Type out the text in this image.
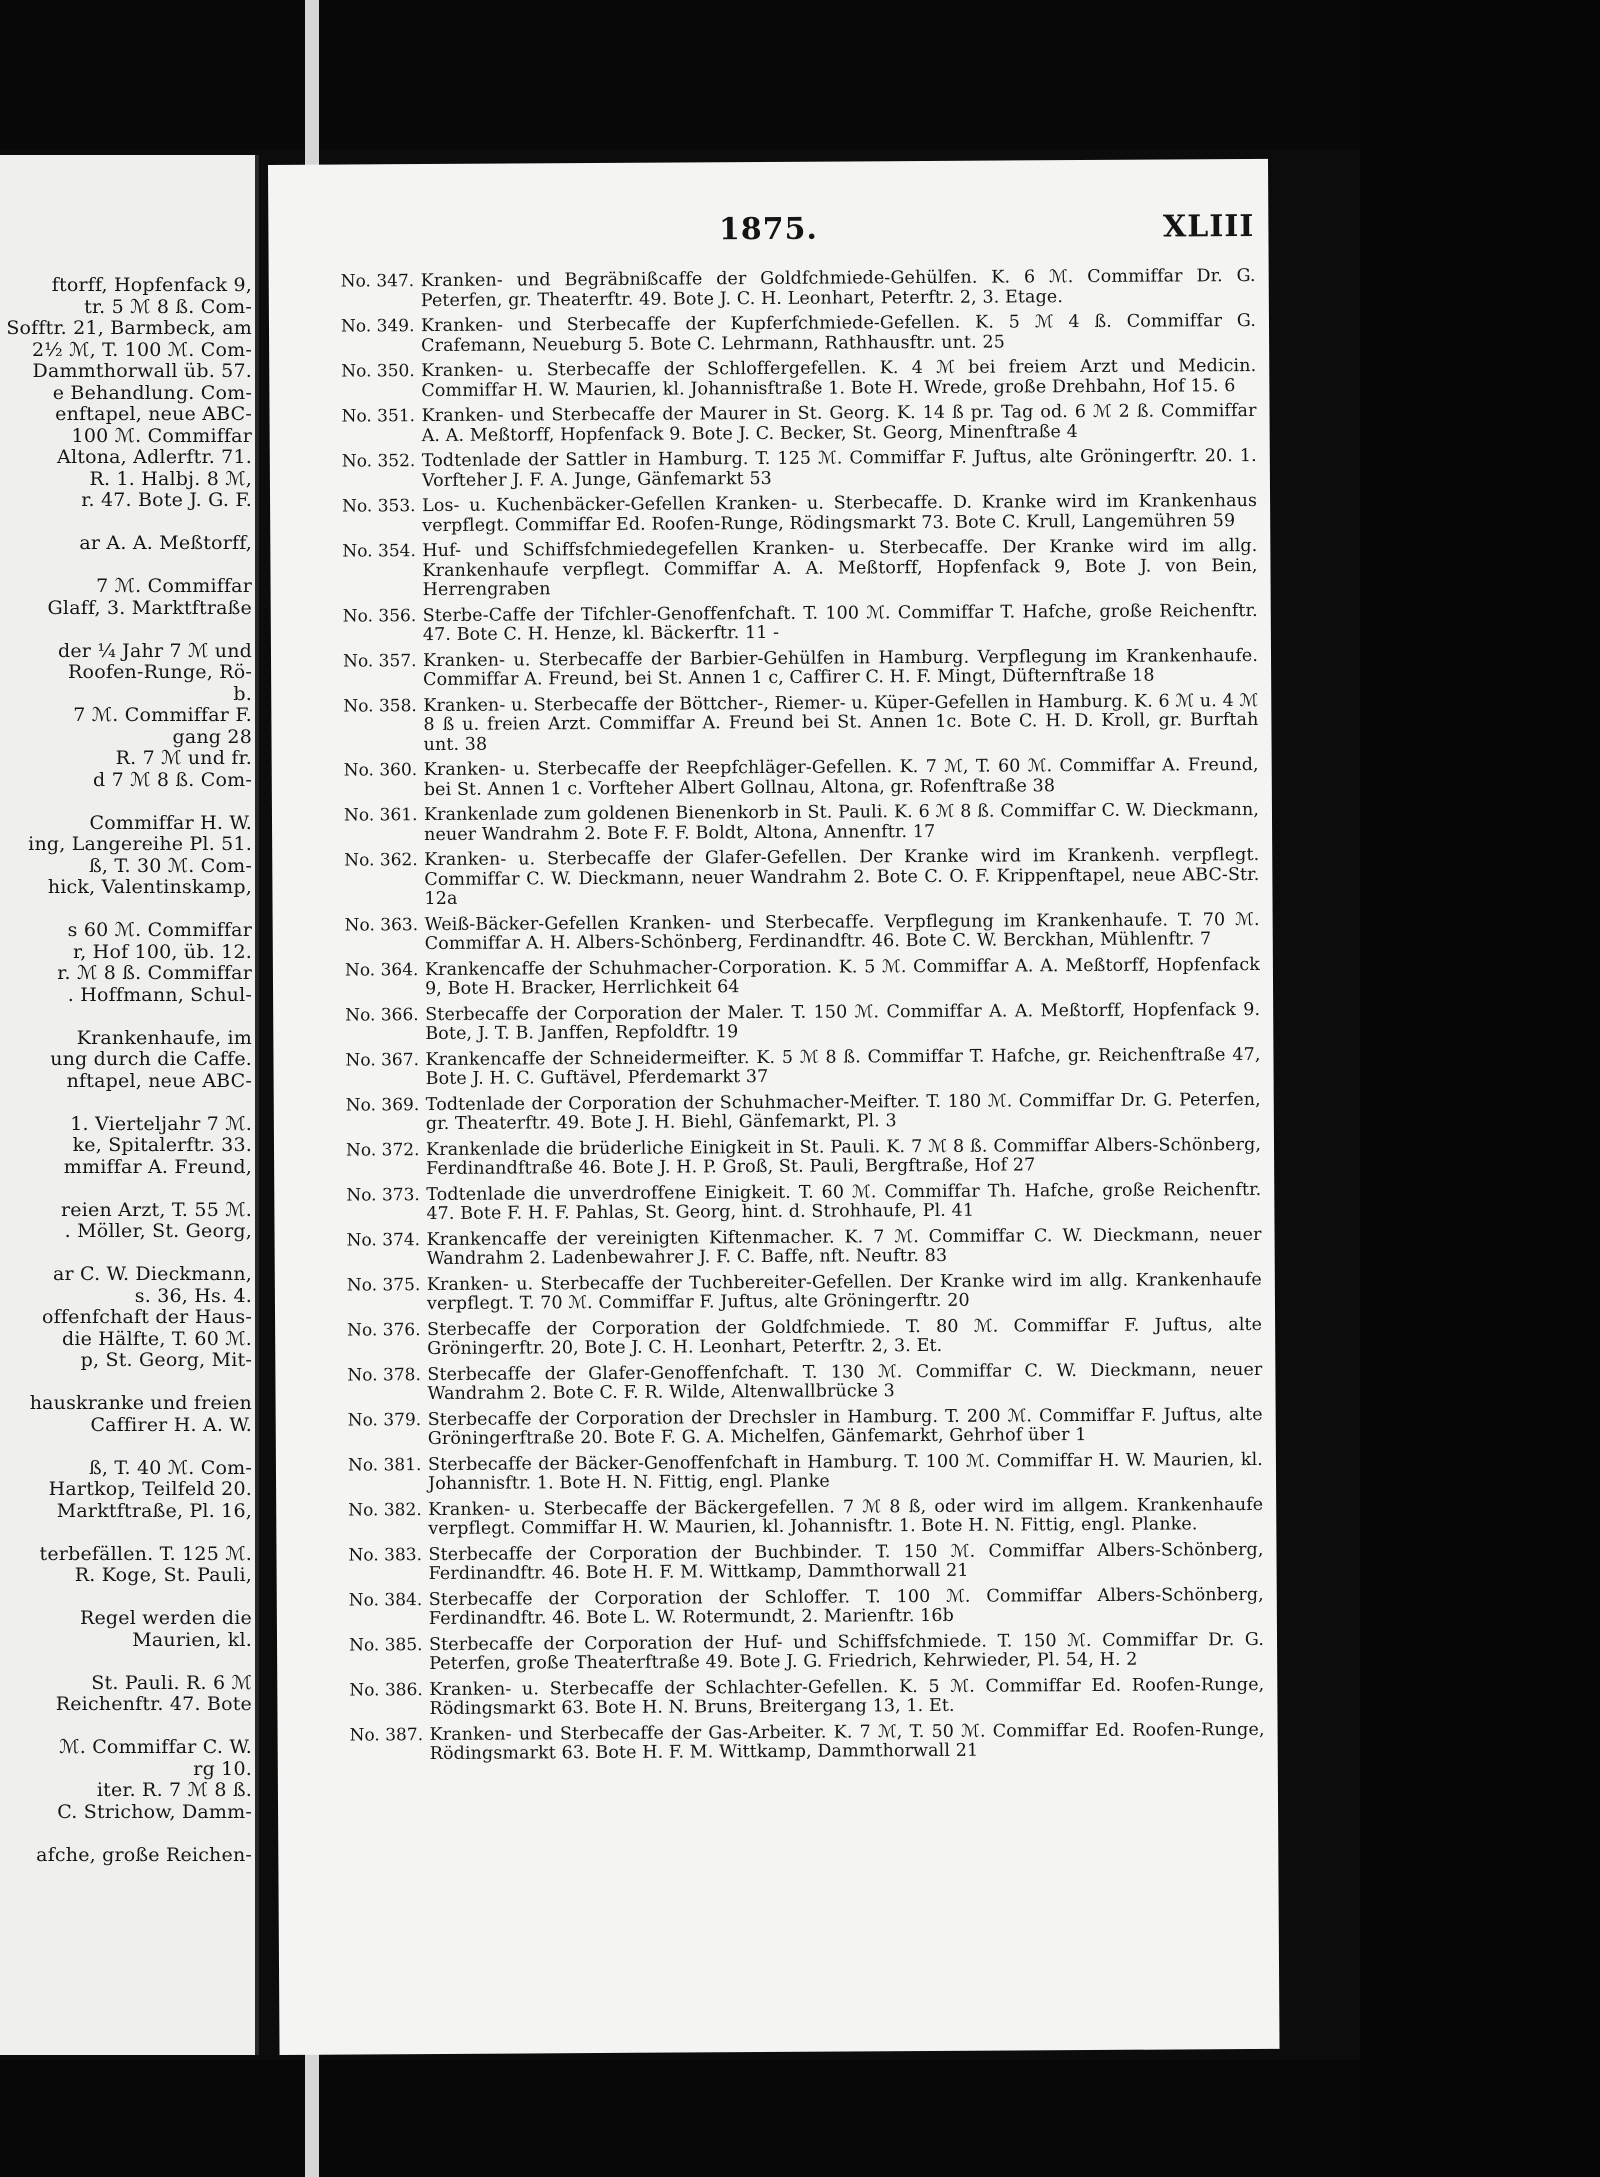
ftorff, Hopfenfack 9,
tr. 5 ℳ 8 ß. Com-
Sofftr. 21, Barmbeck, am
2½ ℳ, T. 100 ℳ. Com-
Dammthorwall üb. 57.
e Behandlung. Com-
enftapel, neue ABC-
100 ℳ. Commiffar
Altona, Adlerftr. 71.
R. 1. Halbj. 8 ℳ,
r. 47. Bote J. G. F.
ar A. A. Meßtorff,
7 ℳ. Commiffar
Glaff, 3. Marktftraße
der ¼ Jahr 7 ℳ und
Roofen-Runge, Rö-
b.
7 ℳ. Commiffar F.
gang 28
R. 7 ℳ und fr.
d 7 ℳ 8 ß. Com-
Commiffar H. W.
ing, Langereihe Pl. 51.
ß, T. 30 ℳ. Com-
hick, Valentinskamp,
s 60 ℳ. Commiffar
r, Hof 100, üb. 12.
r. ℳ 8 ß. Commiffar
. Hoffmann, Schul-
Krankenhaufe, im
ung durch die Caffe.
nftapel, neue ABC-
1. Vierteljahr 7 ℳ.
ke, Spitalerftr. 33.
mmiffar A. Freund,
reien Arzt, T. 55 ℳ.
. Möller, St. Georg,
ar C. W. Dieckmann,
s. 36, Hs. 4.
offenfchaft der Haus-
die Hälfte, T. 60 ℳ.
p, St. Georg, Mit-
hauskranke und freien
Caffirer H. A. W.
ß, T. 40 ℳ. Com-
Hartkop, Teilfeld 20.
Marktftraße, Pl. 16,
terbefällen. T. 125 ℳ.
R. Koge, St. Pauli,
Regel werden die
Maurien, kl.
St. Pauli. R. 6 ℳ
Reichenftr. 47. Bote
ℳ. Commiffar C. W.
rg 10.
iter. R. 7 ℳ 8 ß.
C. Strichow, Damm-
afche, große Reichen-
1875.	XLIII
No. 347. Kranken- und Begräbnißcaffe der Goldfchmiede-Gehülfen. K. 6 ℳ. Commiffar Dr. G. Peterfen, gr. Theaterftr. 49. Bote J. C. H. Leonhart, Peterftr. 2, 3. Etage.
No. 349. Kranken- und Sterbecaffe der Kupferfchmiede-Gefellen. K. 5 ℳ 4 ß. Commiffar G. Crafemann, Neueburg 5. Bote C. Lehrmann, Rathhausftr. unt. 25
No. 350. Kranken- u. Sterbecaffe der Schloffergefellen. K. 4 ℳ bei freiem Arzt und Medicin. Commiffar H. W. Maurien, kl. Johannisftraße 1. Bote H. Wrede, große Drehbahn, Hof 15. 6
No. 351. Kranken- und Sterbecaffe der Maurer in St. Georg. K. 14 ß pr. Tag od. 6 ℳ 2 ß. Commiffar A. A. Meßtorff, Hopfenfack 9. Bote J. C. Becker, St. Georg, Minenftraße 4
No. 352. Todtenlade der Sattler in Hamburg. T. 125 ℳ. Commiffar F. Juftus, alte Gröningerftr. 20. 1. Vorfteher J. F. A. Junge, Gänfemarkt 53
No. 353. Los- u. Kuchenbäcker-Gefellen Kranken- u. Sterbecaffe. D. Kranke wird im Krankenhaus verpflegt. Commiffar Ed. Roofen-Runge, Rödingsmarkt 73. Bote C. Krull, Langemühren 59
No. 354. Huf- und Schiffsfchmiedegefellen Kranken- u. Sterbecaffe. Der Kranke wird im allg. Krankenhaufe verpflegt. Commiffar A. A. Meßtorff, Hopfenfack 9, Bote J. von Bein, Herrengraben
No. 356. Sterbe-Caffe der Tifchler-Genoffenfchaft. T. 100 ℳ. Commiffar T. Hafche, große Reichenftr. 47. Bote C. H. Henze, kl. Bäckerftr. 11 -
No. 357. Kranken- u. Sterbecaffe der Barbier-Gehülfen in Hamburg. Verpflegung im Krankenhaufe. Commiffar A. Freund, bei St. Annen 1 c, Caffirer C. H. F. Mingt, Düfternftraße 18
No. 358. Kranken- u. Sterbecaffe der Böttcher-, Riemer- u. Küper-Gefellen in Hamburg. K. 6 ℳ u. 4 ℳ 8 ß u. freien Arzt. Commiffar A. Freund bei St. Annen 1c. Bote C. H. D. Kroll, gr. Burftah unt. 38
No. 360. Kranken- u. Sterbecaffe der Reepfchläger-Gefellen. K. 7 ℳ, T. 60 ℳ. Commiffar A. Freund, bei St. Annen 1 c. Vorfteher Albert Gollnau, Altona, gr. Rofenftraße 38
No. 361. Krankenlade zum goldenen Bienenkorb in St. Pauli. K. 6 ℳ 8 ß. Commiffar C. W. Dieckmann, neuer Wandrahm 2. Bote F. F. Boldt, Altona, Annenftr. 17
No. 362. Kranken- u. Sterbecaffe der Glafer-Gefellen. Der Kranke wird im Krankenh. verpflegt. Commiffar C. W. Dieckmann, neuer Wandrahm 2. Bote C. O. F. Krippenftapel, neue ABC-Str. 12a
No. 363. Weiß-Bäcker-Gefellen Kranken- und Sterbecaffe. Verpflegung im Krankenhaufe. T. 70 ℳ. Commiffar A. H. Albers-Schönberg, Ferdinandftr. 46. Bote C. W. Berckhan, Mühlenftr. 7
No. 364. Krankencaffe der Schuhmacher-Corporation. K. 5 ℳ. Commiffar A. A. Meßtorff, Hopfenfack 9, Bote H. Bracker, Herrlichkeit 64
No. 366. Sterbecaffe der Corporation der Maler. T. 150 ℳ. Commiffar A. A. Meßtorff, Hopfenfack 9. Bote, J. T. B. Janffen, Repfoldftr. 19
No. 367. Krankencaffe der Schneidermeifter. K. 5 ℳ 8 ß. Commiffar T. Hafche, gr. Reichenftraße 47, Bote J. H. C. Guftävel, Pferdemarkt 37
No. 369. Todtenlade der Corporation der Schuhmacher-Meifter. T. 180 ℳ. Commiffar Dr. G. Peterfen, gr. Theaterftr. 49. Bote J. H. Biehl, Gänfemarkt, Pl. 3
No. 372. Krankenlade die brüderliche Einigkeit in St. Pauli. K. 7 ℳ 8 ß. Commiffar Albers-Schönberg, Ferdinandftraße 46. Bote J. H. P. Groß, St. Pauli, Bergftraße, Hof 27
No. 373. Todtenlade die unverdroffene Einigkeit. T. 60 ℳ. Commiffar Th. Hafche, große Reichenftr. 47. Bote F. H. F. Pahlas, St. Georg, hint. d. Strohhaufe, Pl. 41
No. 374. Krankencaffe der vereinigten Kiftenmacher. K. 7 ℳ. Commiffar C. W. Dieckmann, neuer Wandrahm 2. Ladenbewahrer J. F. C. Baffe, nft. Neuftr. 83
No. 375. Kranken- u. Sterbecaffe der Tuchbereiter-Gefellen. Der Kranke wird im allg. Krankenhaufe verpflegt. T. 70 ℳ. Commiffar F. Juftus, alte Gröningerftr. 20
No. 376. Sterbecaffe der Corporation der Goldfchmiede. T. 80 ℳ. Commiffar F. Juftus, alte Gröningerftr. 20, Bote J. C. H. Leonhart, Peterftr. 2, 3. Et.
No. 378. Sterbecaffe der Glafer-Genoffenfchaft. T. 130 ℳ. Commiffar C. W. Dieckmann, neuer Wandrahm 2. Bote C. F. R. Wilde, Altenwallbrücke 3
No. 379. Sterbecaffe der Corporation der Drechsler in Hamburg. T. 200 ℳ. Commiffar F. Juftus, alte Gröningerftraße 20. Bote F. G. A. Michelfen, Gänfemarkt, Gehrhof über 1
No. 381. Sterbecaffe der Bäcker-Genoffenfchaft in Hamburg. T. 100 ℳ. Commiffar H. W. Maurien, kl. Johannisftr. 1. Bote H. N. Fittig, engl. Planke
No. 382. Kranken- u. Sterbecaffe der Bäckergefellen. 7 ℳ 8 ß, oder wird im allgem. Krankenhaufe verpflegt. Commiffar H. W. Maurien, kl. Johannisftr. 1. Bote H. N. Fittig, engl. Planke.
No. 383. Sterbecaffe der Corporation der Buchbinder. T. 150 ℳ. Commiffar Albers-Schönberg, Ferdinandftr. 46. Bote H. F. M. Wittkamp, Dammthorwall 21
No. 384. Sterbecaffe der Corporation der Schloffer. T. 100 ℳ. Commiffar Albers-Schönberg, Ferdinandftr. 46. Bote L. W. Rotermundt, 2. Marienftr. 16b
No. 385. Sterbecaffe der Corporation der Huf- und Schiffsfchmiede. T. 150 ℳ. Commiffar Dr. G. Peterfen, große Theaterftraße 49. Bote J. G. Friedrich, Kehrwieder, Pl. 54, H. 2
No. 386. Kranken- u. Sterbecaffe der Schlachter-Gefellen. K. 5 ℳ. Commiffar Ed. Roofen-Runge, Rödingsmarkt 63. Bote H. N. Bruns, Breitergang 13, 1. Et.
No. 387. Kranken- und Sterbecaffe der Gas-Arbeiter. K. 7 ℳ, T. 50 ℳ. Commiffar Ed. Roofen-Runge, Rödingsmarkt 63. Bote H. F. M. Wittkamp, Dammthorwall 21
